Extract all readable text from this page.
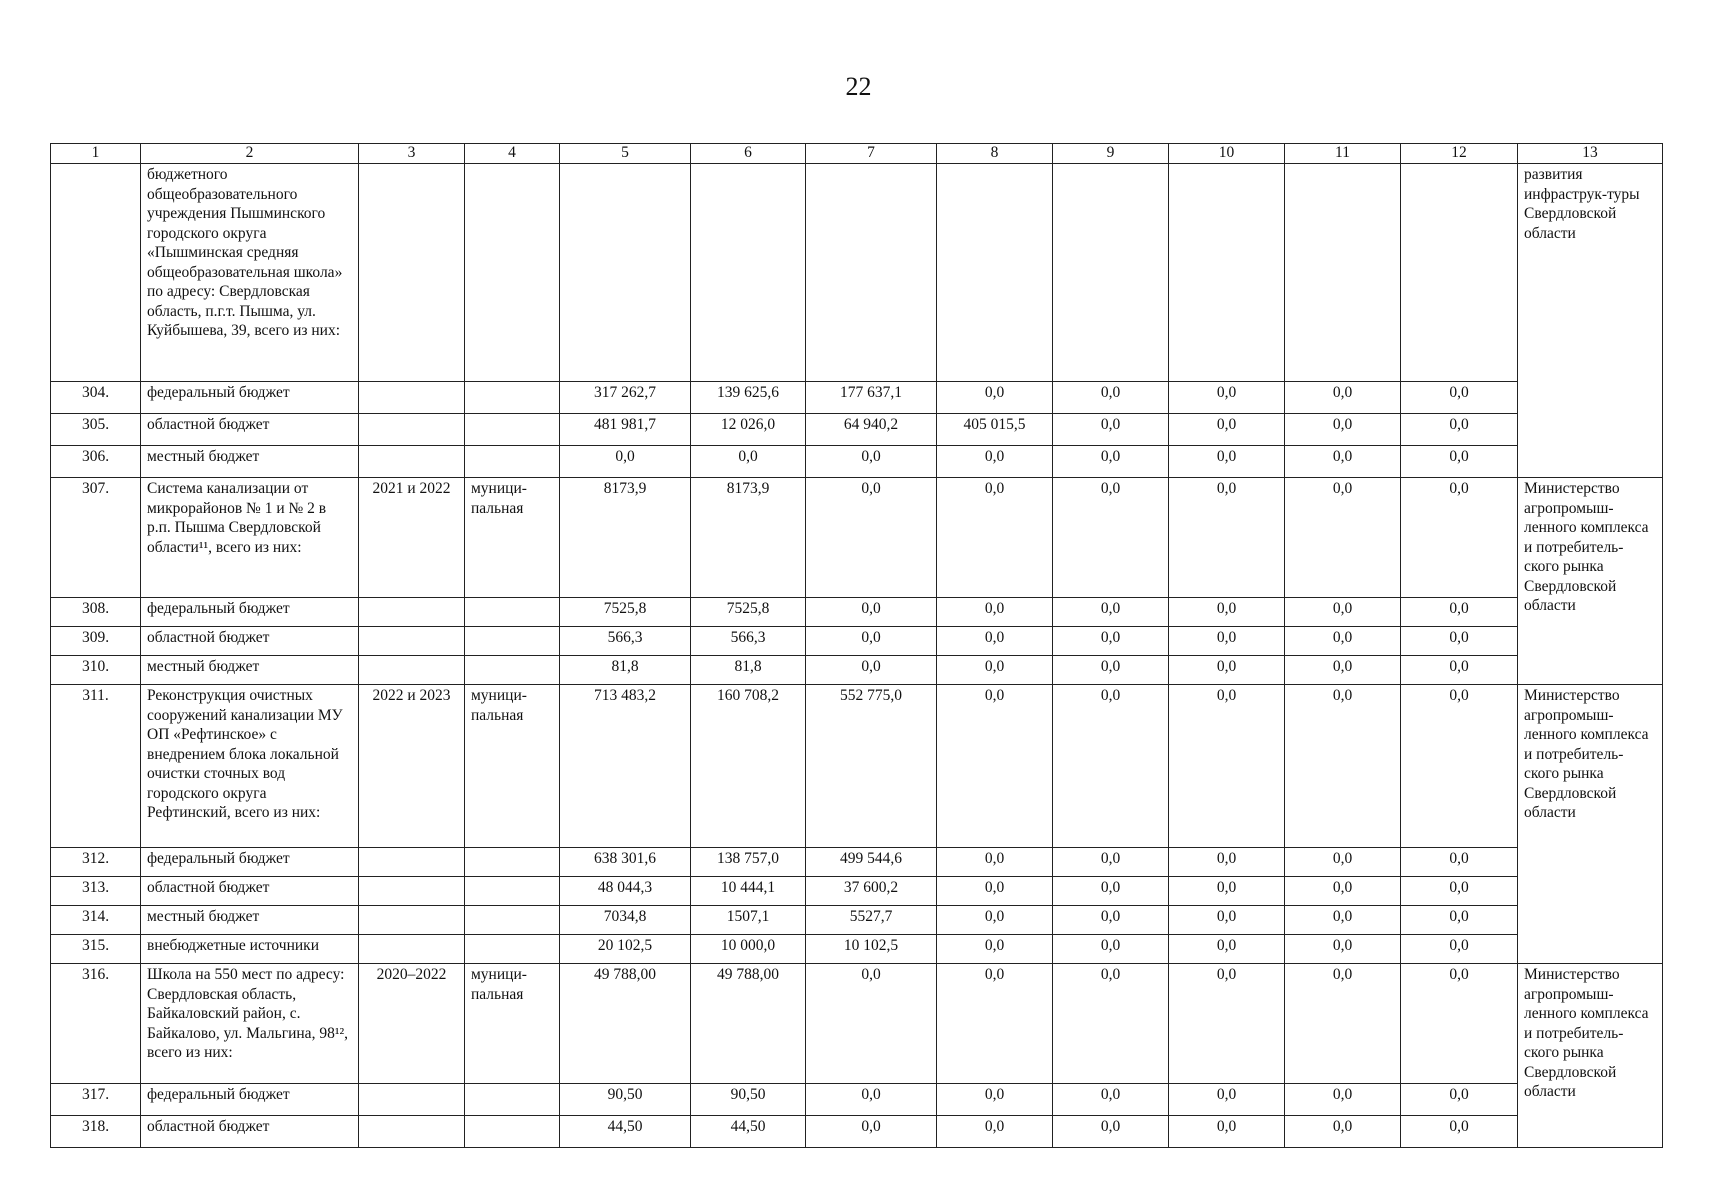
22
1	2	3	4	5	6	7	8	9	10	11	12	13
	бюджетного общеобразовательного учреждения Пышминского городского округа «Пышминская средняя общеобразовательная школа» по адресу: Свердловская область, п.г.т. Пышма, ул. Куйбышева, 39, всего из них:											развития инфраструк-туры Свердловской области
304.	федеральный бюджет			317 262,7	139 625,6	177 637,1	0,0	0,0	0,0	0,0	0,0	
305.	областной бюджет			481 981,7	12 026,0	64 940,2	405 015,5	0,0	0,0	0,0	0,0	
306.	местный бюджет			0,0	0,0	0,0	0,0	0,0	0,0	0,0	0,0	
307.	Система канализации от микрорайонов № 1 и № 2 в р.п. Пышма Свердловской области¹¹, всего из них:	2021 и 2022	муници-пальная	8173,9	8173,9	0,0	0,0	0,0	0,0	0,0	0,0	Министерство агропромыш-ленного комплекса и потребитель-ского рынка Свердловской области
308.	федеральный бюджет			7525,8	7525,8	0,0	0,0	0,0	0,0	0,0	0,0	
309.	областной бюджет			566,3	566,3	0,0	0,0	0,0	0,0	0,0	0,0	
310.	местный бюджет			81,8	81,8	0,0	0,0	0,0	0,0	0,0	0,0	
311.	Реконструкция очистных сооружений канализации МУ ОП «Рефтинское» с внедрением блока локальной очистки сточных вод городского округа Рефтинский, всего из них:	2022 и 2023	муници-пальная	713 483,2	160 708,2	552 775,0	0,0	0,0	0,0	0,0	0,0	Министерство агропромыш-ленного комплекса и потребитель-ского рынка Свердловской области
312.	федеральный бюджет			638 301,6	138 757,0	499 544,6	0,0	0,0	0,0	0,0	0,0	
313.	областной бюджет			48 044,3	10 444,1	37 600,2	0,0	0,0	0,0	0,0	0,0	
314.	местный бюджет			7034,8	1507,1	5527,7	0,0	0,0	0,0	0,0	0,0	
315.	внебюджетные источники			20 102,5	10 000,0	10 102,5	0,0	0,0	0,0	0,0	0,0	
316.	Школа на 550 мест по адресу: Свердловская область, Байкаловский район, с. Байкалово, ул. Мальгина, 98¹², всего из них:	2020–2022	муници-пальная	49 788,00	49 788,00	0,0	0,0	0,0	0,0	0,0	0,0	Министерство агропромыш-ленного комплекса и потребитель-ского рынка Свердловской области
317.	федеральный бюджет			90,50	90,50	0,0	0,0	0,0	0,0	0,0	0,0	
318.	областной бюджет			44,50	44,50	0,0	0,0	0,0	0,0	0,0	0,0	
